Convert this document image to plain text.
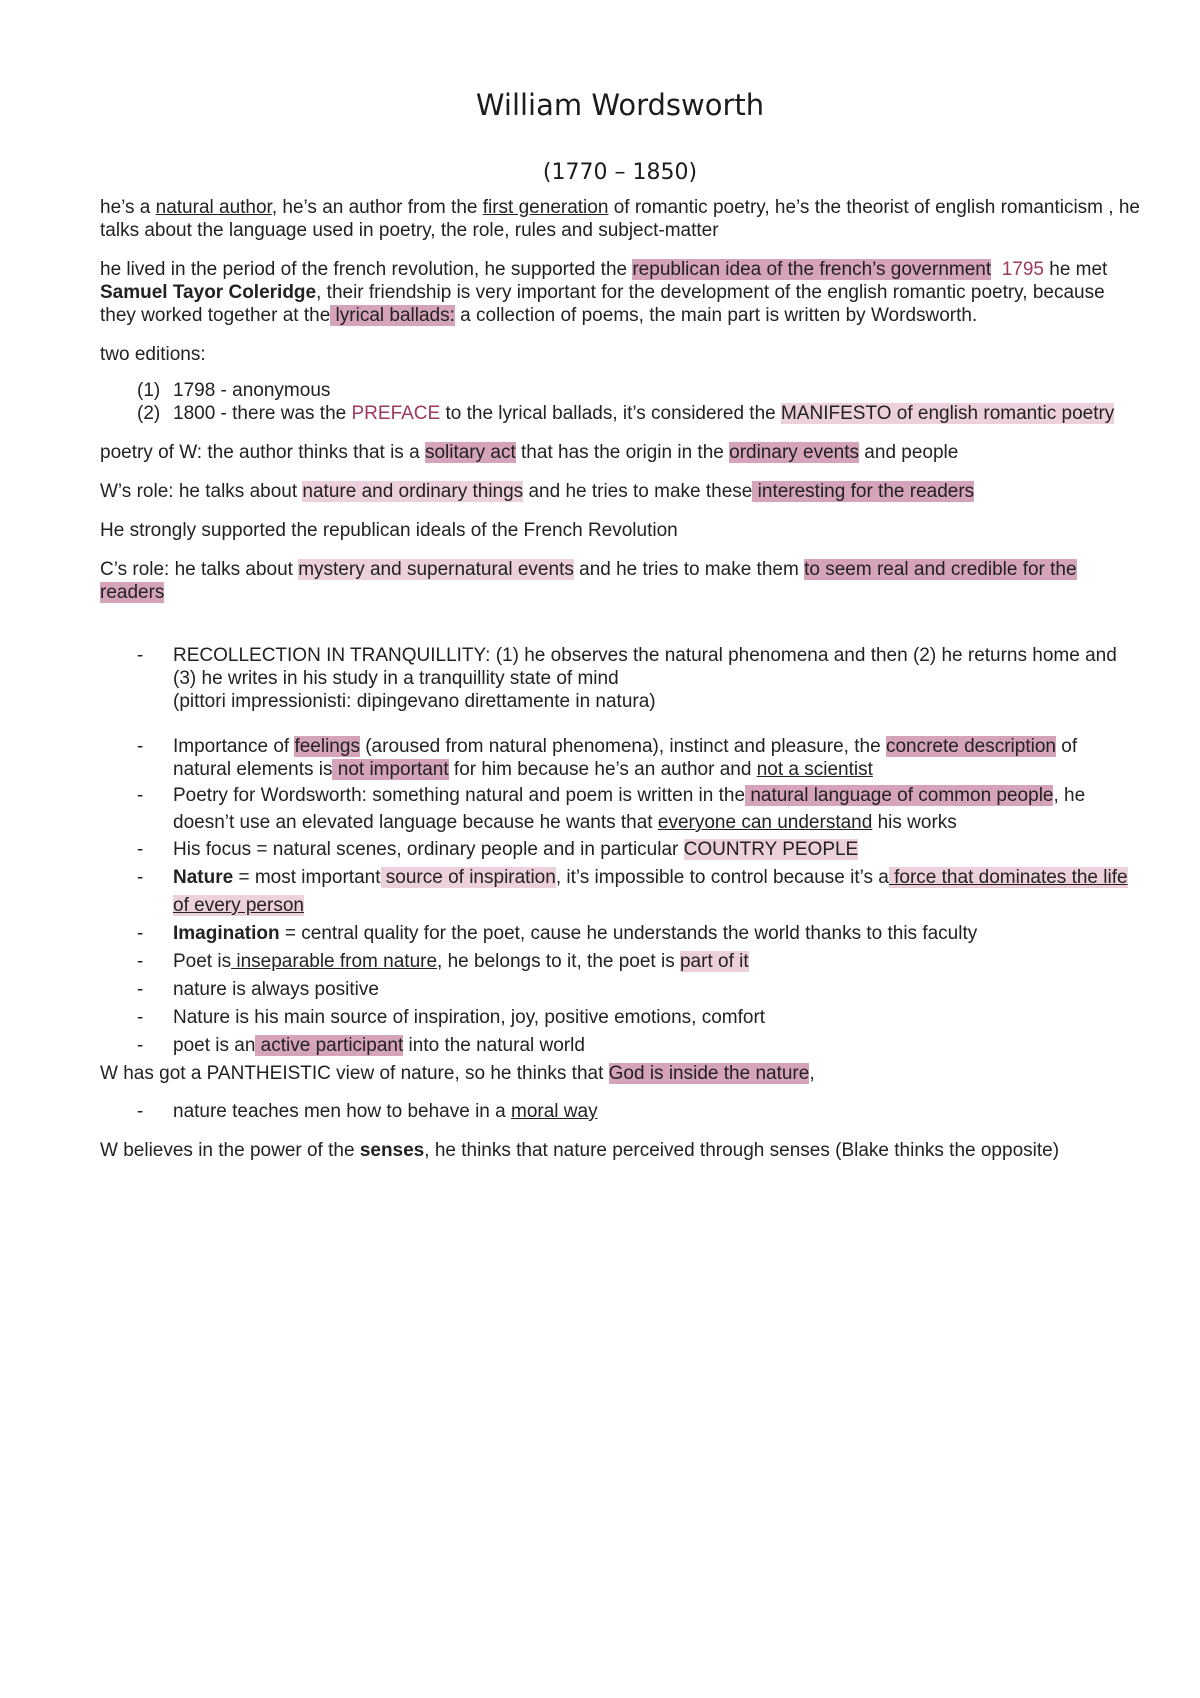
William Wordsworth
(1770 – 1850)

he’s a natural author, he’s an author from the first generation of romantic poetry, he’s the theorist of english romanticism , he talks about the language used in poetry, the role, rules and subject-matter

he lived in the period of the french revolution, he supported the republican idea of the french’s government 1795 he met Samuel Tayor Coleridge, their friendship is very important for the development of the english romantic poetry, because they worked together at the lyrical ballads: a collection of poems, the main part is written by Wordsworth.

two editions:

(1) 1798 - anonymous
(2) 1800 - there was the PREFACE to the lyrical ballads, it’s considered the MANIFESTO of english romantic poetry

poetry of W: the author thinks that is a solitary act that has the origin in the ordinary events and people

W’s role: he talks about nature and ordinary things and he tries to make these interesting for the readers

He strongly supported the republican ideals of the French Revolution

C’s role: he talks about mystery and supernatural events and he tries to make them to seem real and credible for the readers

- RECOLLECTION IN TRANQUILLITY: (1) he observes the natural phenomena and then (2) he returns home and (3) he writes in his study in a tranquillity state of mind
(pittori impressionisti: dipingevano direttamente in natura)
- Importance of feelings (aroused from natural phenomena), instinct and pleasure, the concrete description of natural elements is not important for him because he’s an author and not a scientist
- Poetry for Wordsworth: something natural and poem is written in the natural language of common people, he doesn’t use an elevated language because he wants that everyone can understand his works
- His focus = natural scenes, ordinary people and in particular COUNTRY PEOPLE
- Nature = most important source of inspiration, it’s impossible to control because it’s a force that dominates the life of every person
- Imagination = central quality for the poet, cause he understands the world thanks to this faculty
- Poet is inseparable from nature, he belongs to it, the poet is part of it
- nature is always positive
- Nature is his main source of inspiration, joy, positive emotions, comfort
- poet is an active participant into the natural world

W has got a PANTHEISTIC view of nature, so he thinks that God is inside the nature,

- nature teaches men how to behave in a moral way

W believes in the power of the senses, he thinks that nature perceived through senses (Blake thinks the opposite)
